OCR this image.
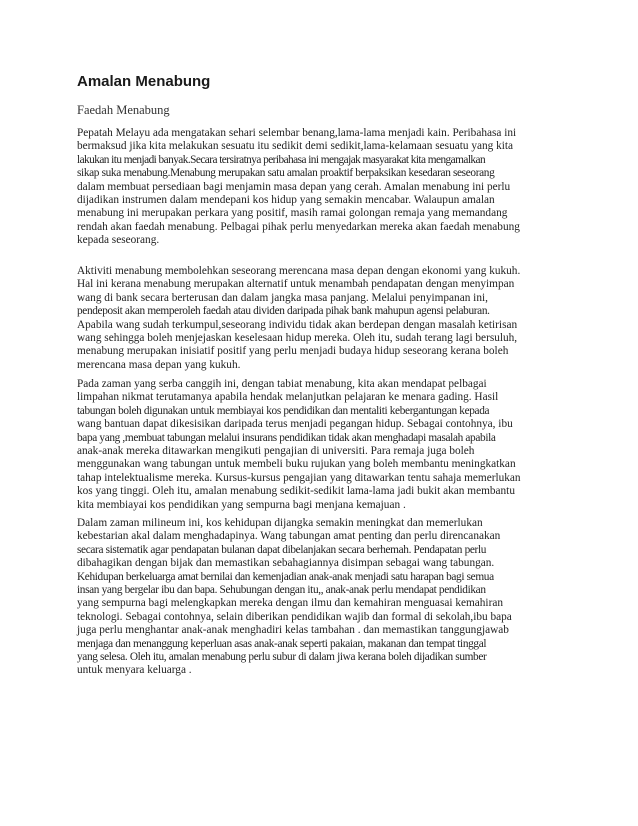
Amalan Menabung
Faedah Menabung
Pepatah Melayu ada mengatakan sehari selembar benang,lama-lama menjadi kain. Peribahasa ini
bermaksud jika kita melakukan sesuatu itu sedikit demi sedikit,lama-kelamaan sesuatu yang kita
lakukan itu menjadi banyak.Secara tersiratnya peribahasa ini mengajak masyarakat kita mengamalkan
sikap suka menabung.Menabung merupakan satu amalan proaktif berpaksikan kesedaran seseorang
dalam membuat persediaan bagi menjamin masa depan yang cerah. Amalan menabung ini perlu
dijadikan instrumen dalam mendepani kos hidup yang semakin mencabar. Walaupun amalan
menabung ini merupakan perkara yang positif, masih ramai golongan remaja yang memandang
rendah akan faedah menabung. Pelbagai pihak perlu menyedarkan mereka akan faedah menabung
kepada seseorang.
Aktiviti menabung membolehkan seseorang merencana masa depan dengan ekonomi yang kukuh.
Hal ini kerana menabung merupakan alternatif untuk menambah pendapatan dengan menyimpan
wang di bank secara berterusan dan dalam jangka masa panjang. Melalui penyimpanan ini,
pendeposit akan memperoleh faedah atau dividen daripada pihak bank mahupun agensi pelaburan.
Apabila wang sudah terkumpul,seseorang individu tidak akan berdepan dengan masalah ketirisan
wang sehingga boleh menjejaskan keselesaan hidup mereka. Oleh itu, sudah terang lagi bersuluh,
menabung merupakan inisiatif positif yang perlu menjadi budaya hidup seseorang kerana boleh
merencana masa depan yang kukuh.
Pada zaman yang serba canggih ini, dengan tabiat menabung, kita akan mendapat pelbagai
limpahan nikmat terutamanya apabila hendak melanjutkan pelajaran ke menara gading. Hasil
tabungan boleh digunakan untuk membiayai kos pendidikan dan mentaliti kebergantungan kepada
wang bantuan dapat dikesisikan daripada terus menjadi pegangan hidup. Sebagai contohnya, ibu
bapa yang ,membuat tabungan melalui insurans pendidikan tidak akan menghadapi masalah apabila
anak-anak mereka ditawarkan mengikuti pengajian di universiti. Para remaja juga boleh
menggunakan wang tabungan untuk membeli buku rujukan yang boleh membantu meningkatkan
tahap intelektualisme mereka. Kursus-kursus pengajian yang ditawarkan tentu sahaja memerlukan
kos yang tinggi. Oleh itu, amalan menabung sedikit-sedikit lama-lama jadi bukit akan membantu
kita membiayai kos pendidikan yang sempurna bagi menjana kemajuan .
Dalam zaman milineum ini, kos kehidupan dijangka semakin meningkat dan memerlukan
kebestarian akal dalam menghadapinya. Wang tabungan amat penting dan perlu direncanakan
secara sistematik agar pendapatan bulanan dapat dibelanjakan secara berhemah. Pendapatan perlu
dibahagikan dengan bijak dan memastikan sebahagiannya disimpan sebagai wang tabungan.
Kehidupan berkeluarga amat bernilai dan kemenjadian anak-anak menjadi satu harapan bagi semua
insan yang bergelar ibu dan bapa. Sehubungan dengan itu,, anak-anak perlu mendapat pendidikan
yang sempurna bagi melengkapkan mereka dengan ilmu dan kemahiran menguasai kemahiran
teknologi. Sebagai contohnya, selain diberikan pendidikan wajib dan formal di sekolah,ibu bapa
juga perlu menghantar anak-anak menghadiri kelas tambahan . dan memastikan tanggungjawab
menjaga dan menanggung keperluan asas anak-anak seperti pakaian, makanan dan tempat tinggal
yang selesa. Oleh itu, amalan menabung perlu subur di dalam jiwa kerana boleh dijadikan sumber
untuk menyara keluarga .
